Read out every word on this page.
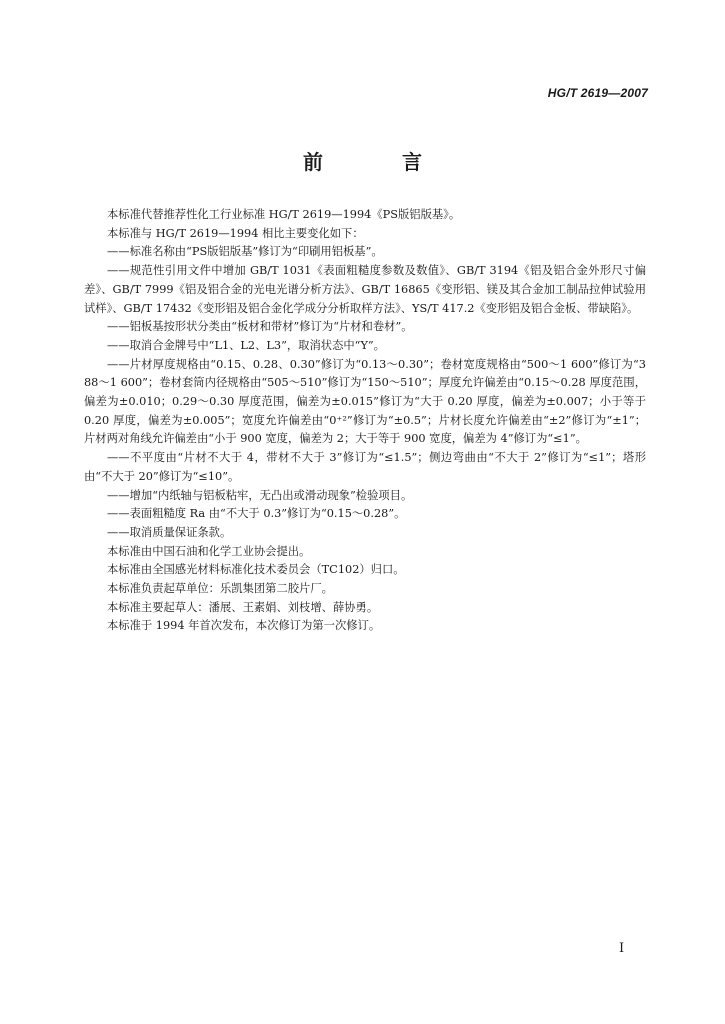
HG/T 2619—2007
前 言

本标准代替推荐性化工行业标准 HG/T 2619—1994《PS版铝版基》。

本标准与 HG/T 2619—1994 相比主要变化如下：

——标准名称由“PS版铝版基”修订为“印刷用铝板基”。

——规范性引用文件中增加 GB/T 1031《表面粗糙度参数及数值》、GB/T 3194《铝及铝合金外形尺寸偏差》、GB/T 7999《铝及铝合金的光电光谱分析方法》、GB/T 16865《变形铝、镁及其合金加工制品拉伸试验用试样》、GB/T 17432《变形铝及铝合金化学成分分析取样方法》、YS/T 417.2《变形铝及铝合金板、带缺陷》。

——铝板基按形状分类由“板材和带材”修订为“片材和卷材”。

——取消合金牌号中“L1、L2、L3”，取消状态中“Y”。

——片材厚度规格由“0.15、0.28、0.30”修订为“0.13～0.30”；卷材宽度规格由“500～1 600”修订为“388～1 600”；卷材套筒内径规格由“505～510”修订为“150～510”；厚度允许偏差由“0.15～0.28 厚度范围，偏差为±0.010；0.29～0.30 厚度范围，偏差为±0.015”修订为“大于 0.20 厚度，偏差为±0.007；小于等于 0.20 厚度，偏差为±0.005”；宽度允许偏差由“0⁺²”修订为“±0.5”；片材长度允许偏差由“±2”修订为“±1”；片材两对角线允许偏差由“小于 900 宽度，偏差为 2；大于等于 900 宽度，偏差为 4”修订为“≤1”。

——不平度由“片材不大于 4，带材不大于 3”修订为“≤1.5”；侧边弯曲由“不大于 2”修订为“≤1”；塔形由“不大于 20”修订为“≤10”。

——增加“内纸轴与铝板粘牢，无凸出或滑动现象”检验项目。

——表面粗糙度 Ra 由“不大于 0.3”修订为“0.15～0.28”。

——取消质量保证条款。

本标准由中国石油和化学工业协会提出。

本标准由全国感光材料标准化技术委员会（TC102）归口。

本标准负责起草单位：乐凯集团第二胶片厂。

本标准主要起草人：潘展、王素娟、刘枝增、薛协勇。

本标准于 1994 年首次发布，本次修订为第一次修订。

I
